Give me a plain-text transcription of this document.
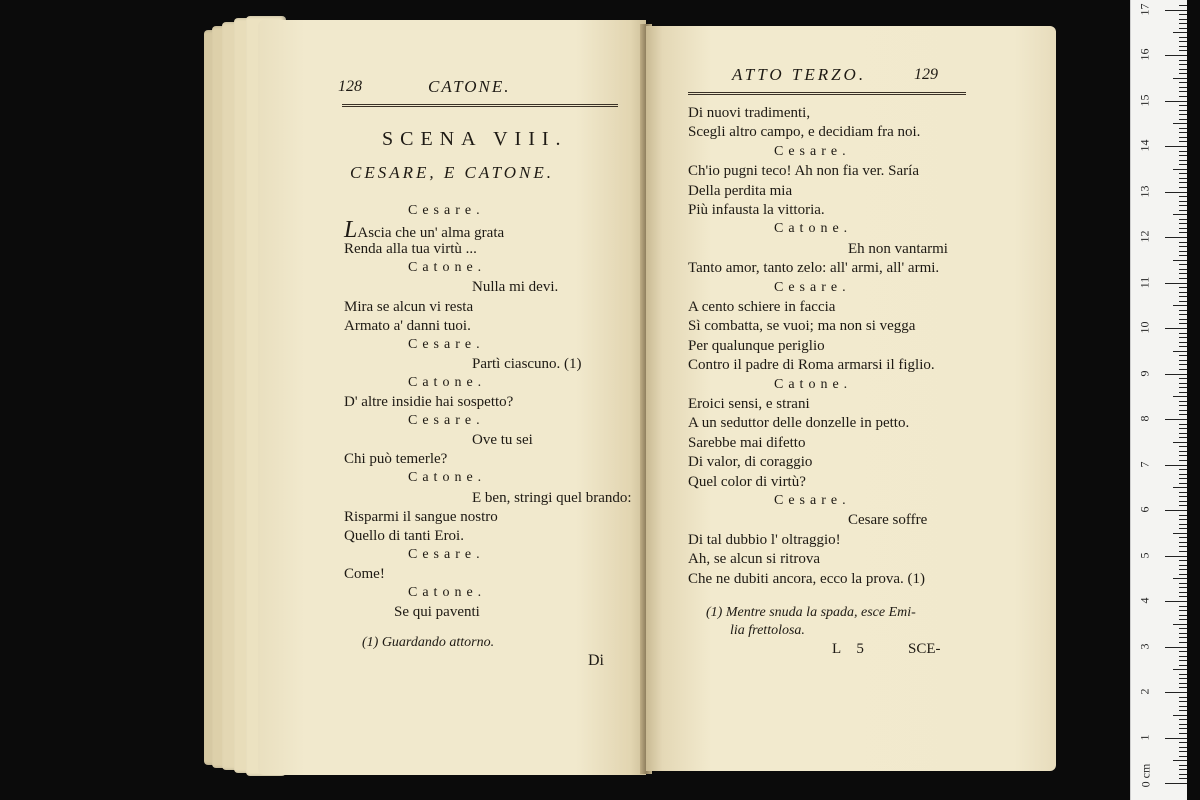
128	CATONE.
SCENA VIII.
CESARE, E CATONE.
Cesare.
LAscia che un' alma grata
Renda alla tua virtù ...
Catone.
Nulla mi devi.
Mira se alcun vi resta
Armato a' danni tuoi.
Cesare.
Partì ciascuno. (1)
Catone.
D' altre insidie hai sospetto?
Cesare.
Ove tu sei
Chi può temerle?
Catone.
E ben, stringi quel brando:
Risparmi il sangue nostro
Quello di tanti Eroi.
Cesare.
Come!
Catone.
Se qui paventi
(1) Guardando attorno.
Di
ATTO TERZO.	129
Di nuovi tradimenti,
Scegli altro campo, e decidiam fra noi.
Cesare.
Ch'io pugni teco! Ah non fia ver. Saría
Della perdita mia
Più infausta la vittoria.
Catone.
Eh non vantarmi
Tanto amor, tanto zelo: all' armi, all' armi.
Cesare.
A cento schiere in faccia
Sì combatta, se vuoi; ma non si vegga
Per qualunque periglio
Contro il padre di Roma armarsi il figlio.
Catone.
Eroici sensi, e strani
A un seduttor delle donzelle in petto.
Sarebbe mai difetto
Di valor, di coraggio
Quel color di virtù?
Cesare.
Cesare soffre
Di tal dubbio l' oltraggio!
Ah, se alcun si ritrova
Che ne dubiti ancora, ecco la prova. (1)
(1) Mentre snuda la spada, esce Emi-
lia frettolosa.
L 5	SCE-
1
2
3
4
5
6
7
8
9
10
11
12
13
14
15
16
17
0 cm
